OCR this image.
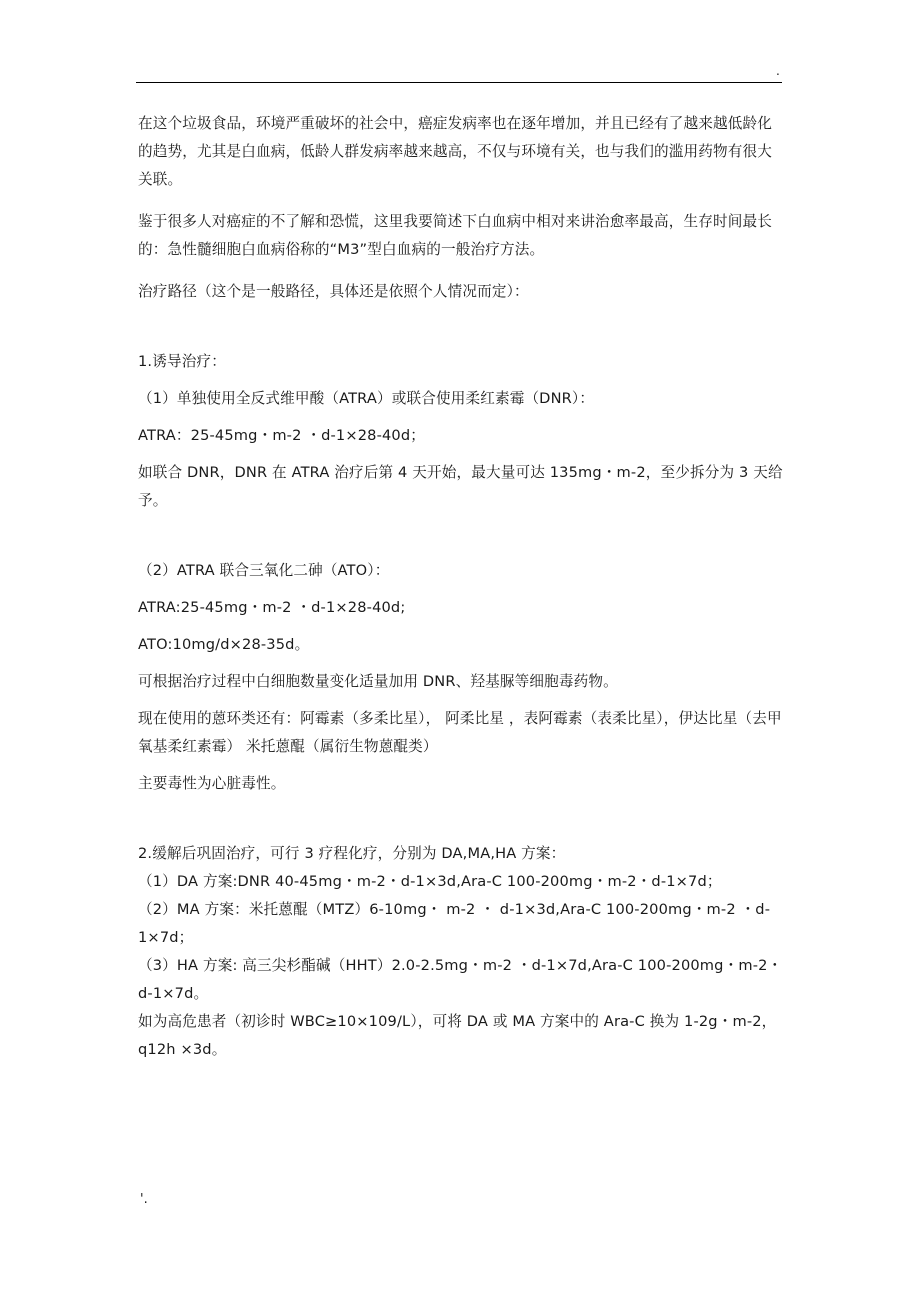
.

在这个垃圾食品，环境严重破坏的社会中，癌症发病率也在逐年增加，并且已经有了越来越低龄化的趋势，尤其是白血病，低龄人群发病率越来越高，不仅与环境有关，也与我们的滥用药物有很大关联。

鉴于很多人对癌症的不了解和恐慌，这里我要简述下白血病中相对来讲治愈率最高，生存时间最长的：急性髓细胞白血病俗称的“M3”型白血病的一般治疗方法。

治疗路径（这个是一般路径，具体还是依照个人情况而定）：

1.诱导治疗：

（1）单独使用全反式维甲酸（ATRA）或联合使用柔红素霉（DNR）：

ATRA：25-45mg・m-2 ・d-1×28-40d；

如联合 DNR，DNR 在 ATRA 治疗后第 4 天开始，最大量可达 135mg・m-2，至少拆分为 3 天给予。

（2）ATRA 联合三氧化二砷（ATO）：

ATRA:25-45mg・m-2 ・d-1×28-40d;

ATO:10mg/d×28-35d。

可根据治疗过程中白细胞数量变化适量加用 DNR、羟基脲等细胞毒药物。

现在使用的蒽环类还有：阿霉素（多柔比星）， 阿柔比星 ，表阿霉素（表柔比星），伊达比星（去甲氧基柔红素霉） 米托蒽醌（属衍生物蒽醌类）

主要毒性为心脏毒性。

2.缓解后巩固治疗，可行 3 疗程化疗，分别为 DA,MA,HA 方案：

（1）DA 方案:DNR 40-45mg・m-2・d-1×3d,Ara-C 100-200mg・m-2・d-1×7d；

（2）MA 方案：米托蒽醌（MTZ）6-10mg・ m-2 ・ d-1×3d,Ara-C 100-200mg・m-2 ・d-1×7d；

（3）HA 方案: 高三尖杉酯碱（HHT）2.0-2.5mg・m-2 ・d-1×7d,Ara-C 100-200mg・m-2・d-1×7d。

如为高危患者（初诊时 WBC≥10×109/L），可将 DA 或 MA 方案中的 Ara-C 换为 1-2g・m-2，q12h ×3d。

'.
